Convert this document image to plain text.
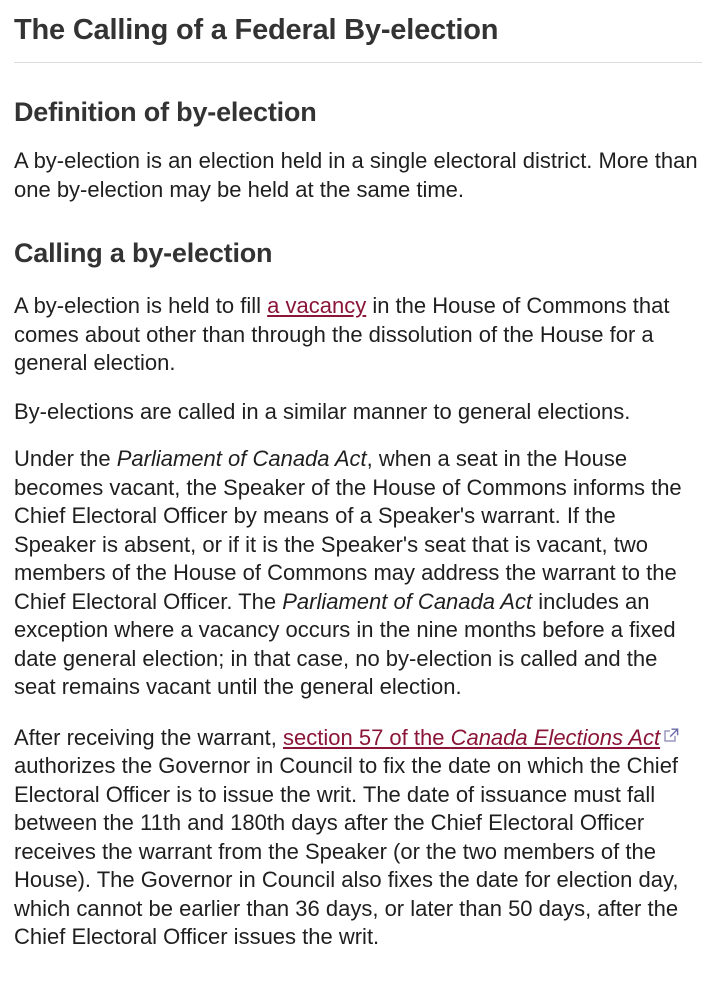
The Calling of a Federal By-election
Definition of by-election

A by-election is an election held in a single electoral district. More than one by-election may be held at the same time.

Calling a by-election

A by-election is held to fill a vacancy in the House of Commons that comes about other than through the dissolution of the House for a general election.

By-elections are called in a similar manner to general elections.

Under the Parliament of Canada Act, when a seat in the House becomes vacant, the Speaker of the House of Commons informs the Chief Electoral Officer by means of a Speaker's warrant. If the Speaker is absent, or if it is the Speaker's seat that is vacant, two members of the House of Commons may address the warrant to the Chief Electoral Officer. The Parliament of Canada Act includes an exception where a vacancy occurs in the nine months before a fixed date general election; in that case, no by-election is called and the seat remains vacant until the general election.

After receiving the warrant, section 57 of the Canada Elections Act authorizes the Governor in Council to fix the date on which the Chief Electoral Officer is to issue the writ. The date of issuance must fall between the 11th and 180th days after the Chief Electoral Officer receives the warrant from the Speaker (or the two members of the House). The Governor in Council also fixes the date for election day, which cannot be earlier than 36 days, or later than 50 days, after the Chief Electoral Officer issues the writ.
